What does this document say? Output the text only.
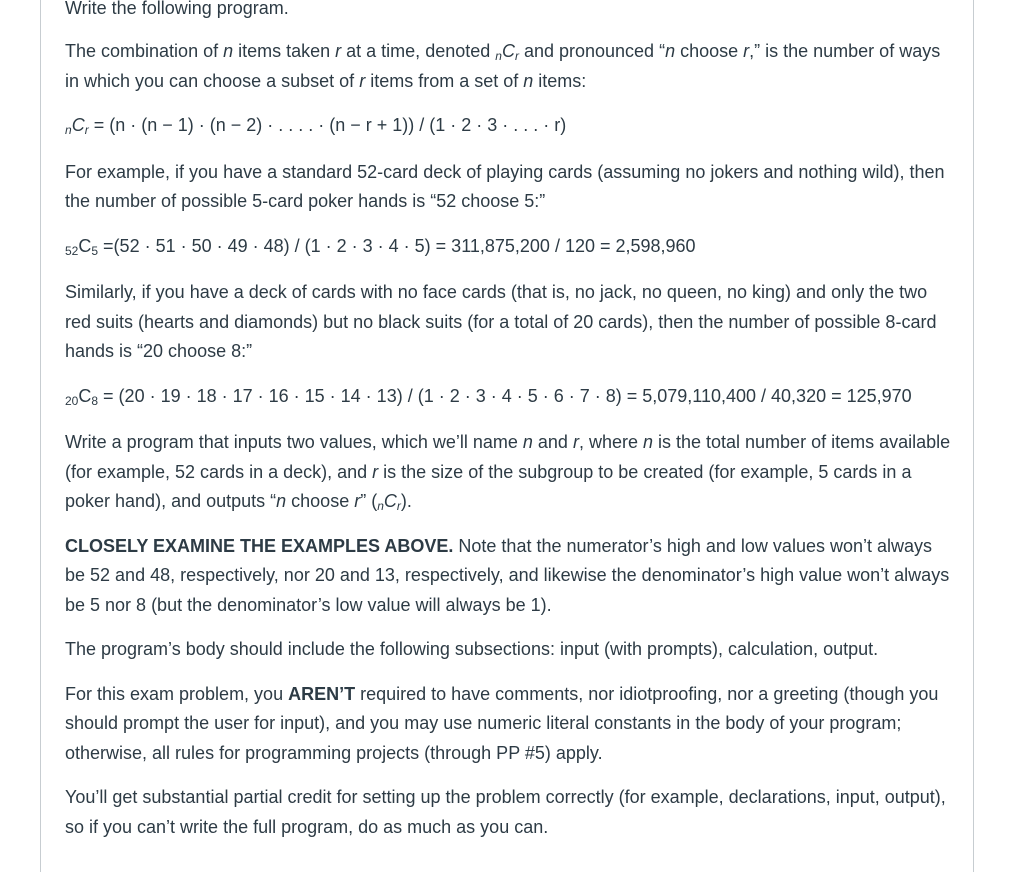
Write the following program.

The combination of n items taken r at a time, denoted $nC_r$ and pronounced “n choose r,” is the number of ways in which you can choose a subset of r items from a set of n items:

$nC_r = (n \cdot (n - 1) \cdot (n - 2)$ · . . . . · (n − r + 1)) / (1 · 2 · 3 · . . . · r)

For example, if you have a standard 52-card deck of playing cards (assuming no jokers and nothing wild), then the number of possible 5-card poker hands is “52 choose 5:”

$52C_5 =(52 \cdot 51 \cdot 50 \cdot 49 \cdot 48) / (1 \cdot 2 \cdot 3 \cdot 4 \cdot 5) = 311,875,200 / 120 = 2,598,960$

Similarly, if you have a deck of cards with no face cards (that is, no jack, no queen, no king) and only the two red suits (hearts and diamonds) but no black suits (for a total of 20 cards), then the number of possible 8-card hands is “20 choose 8:”

$20C_8 = (20 \cdot 19 \cdot 18 \cdot 17 \cdot 16 \cdot 15 \cdot 14 \cdot 13) / (1 \cdot 2 \cdot 3 \cdot 4 \cdot 5 \cdot 6 \cdot 7 \cdot 8) = 5,079,110,400 / 40,320 = 125,970$

Write a program that inputs two values, which we’ll name n and r, where n is the total number of items available (for example, 52 cards in a deck), and r is the size of the subgroup to be created (for example, 5 cards in a poker hand), and outputs “n choose r” $(nC_r)$.

CLOSELY EXAMINE THE EXAMPLES ABOVE. Note that the numerator’s high and low values won’t always be 52 and 48, respectively, nor 20 and 13, respectively, and likewise the denominator’s high value won’t always be 5 nor 8 (but the denominator’s low value will always be 1).

The program’s body should include the following subsections: input (with prompts), calculation, output.

For this exam problem, you AREN’T required to have comments, nor idiotproofing, nor a greeting (though you should prompt the user for input), and you may use numeric literal constants in the body of your program; otherwise, all rules for programming projects (through PP #5) apply.

You’ll get substantial partial credit for setting up the problem correctly (for example, declarations, input, output), so if you can’t write the full program, do as much as you can.
